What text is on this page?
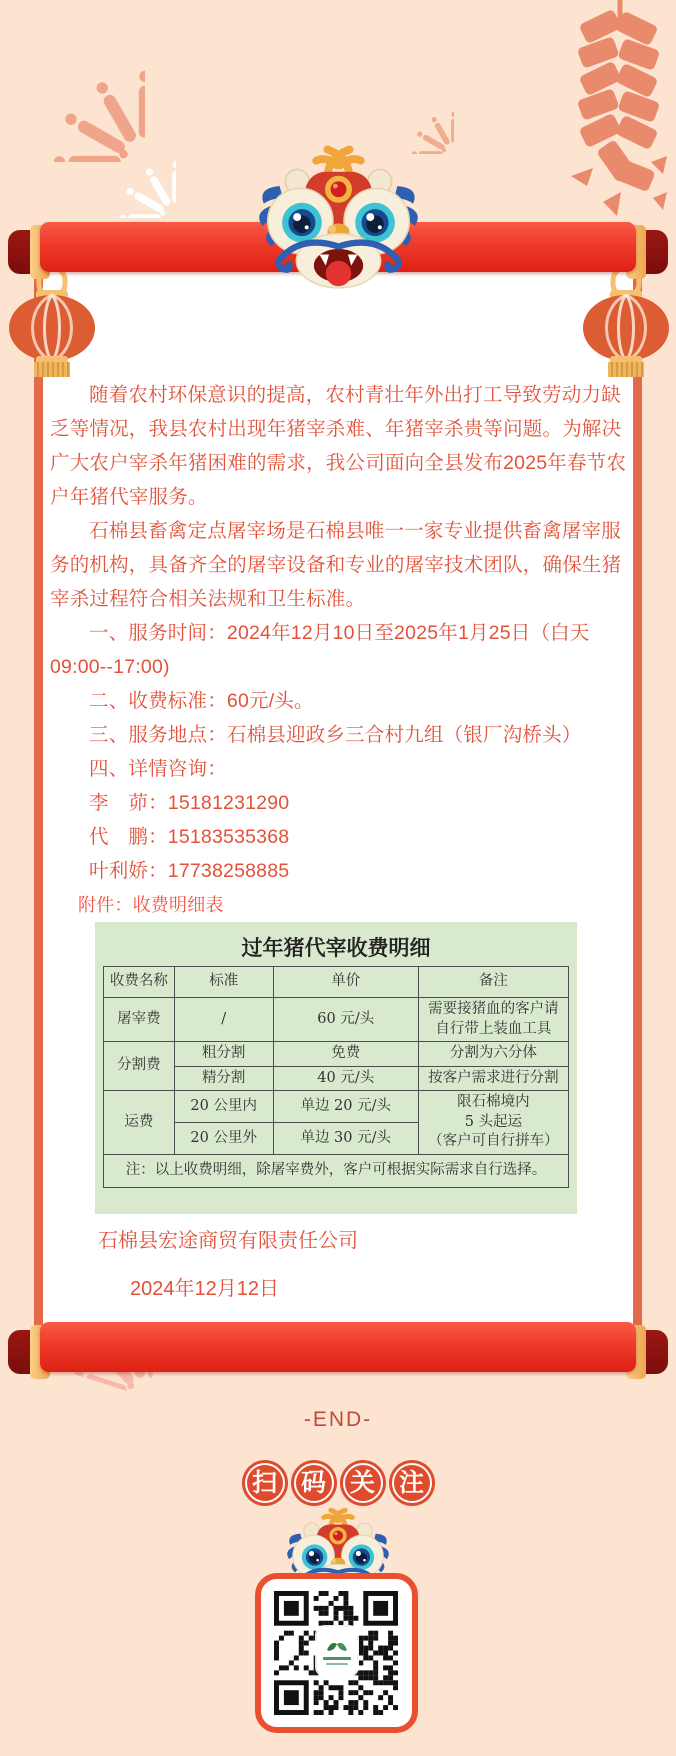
随着农村环保意识的提高，农村青壮年外出打工导致劳动力缺乏等情况，我县农村出现年猪宰杀难、年猪宰杀贵等问题。为解决广大农户宰杀年猪困难的需求，我公司面向全县发布2025年春节农户年猪代宰服务。

石棉县畜禽定点屠宰场是石棉县唯一一家专业提供畜禽屠宰服务的机构，具备齐全的屠宰设备和专业的屠宰技术团队，确保生猪宰杀过程符合相关法规和卫生标准。

一、服务时间：2024年12月10日至2025年1月25日（白天09:00--17:00)

二、收费标准：60元/头。

三、服务地点：石棉县迎政乡三合村九组（银厂沟桥头）

四、详情咨询：

李　茆：15181231290

代　鹏：15183535368

叶利娇：17738258885

附件：收费明细表

过年猪代宰收费明细
收费名称	标准	单价	备注
屠宰费	/	60 元/头	需要接猪血的客户请
自行带上装血工具

分割费	粗分割	免费	分割为六分体
	精分割	40 元/头	按客户需求进行分割
运费	20 公里内	单边 20 元/头	限石棉境内
5 头起运
（客户可自行拼车）

	20 公里外	单边 30 元/头	
注：以上收费明细，除屠宰费外，客户可根据实际需求自行选择。			
石棉县宏途商贸有限责任公司
2024年12月12日
-END-
扫 码 关 注
